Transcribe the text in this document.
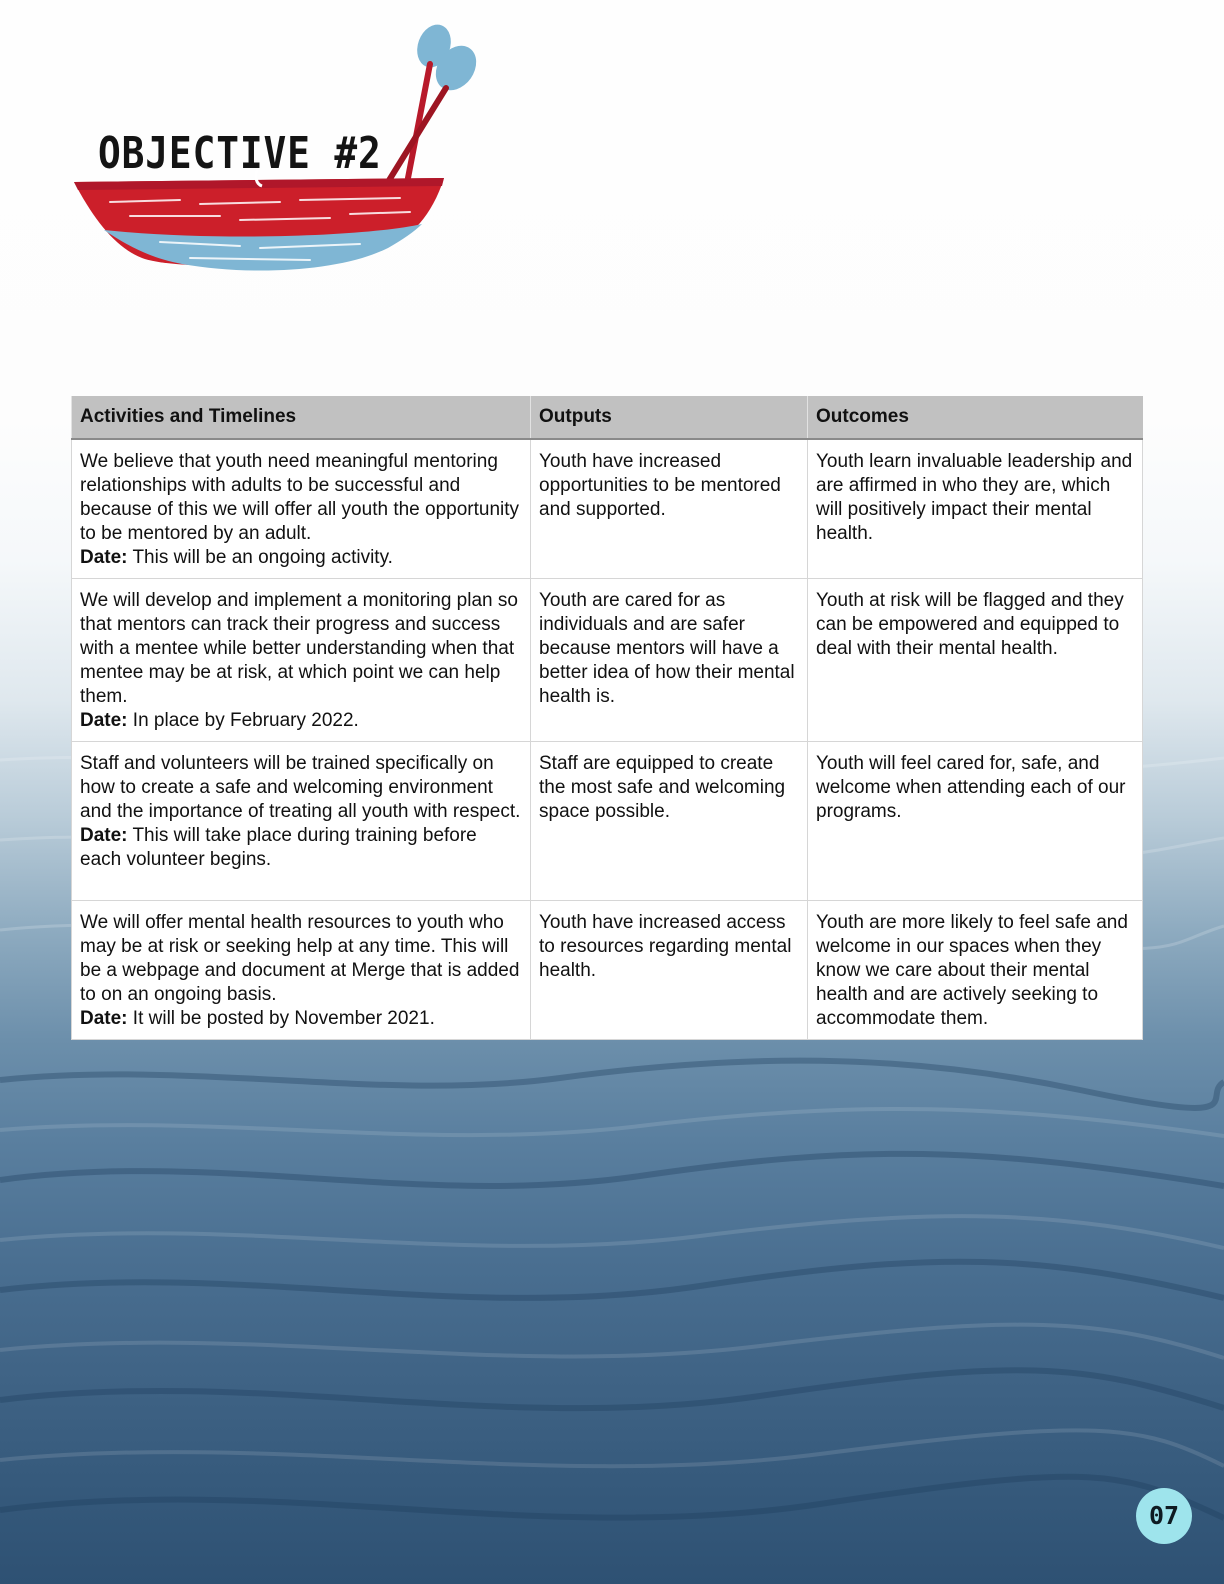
OBJECTIVE #2
Activities and Timelines	Outputs	Outcomes
We believe that youth need meaningful mentoring relationships with adults to be successful and because of this we will offer all youth the opportunity to be mentored by an adult.
Date: This will be an ongoing activity.	Youth have increased opportunities to be mentored and supported.	Youth learn invaluable leadership and are affirmed in who they are, which will positively impact their mental health.
We will develop and implement a monitoring plan so that mentors can track their progress and success with a mentee while better understanding when that mentee may be at risk, at which point we can help them.
Date: In place by February 2022.	Youth are cared for as individuals and are safer because mentors will have a better idea of how their mental health is.	Youth at risk will be flagged and they can be empowered and equipped to deal with their mental health.
Staff and volunteers will be trained specifically on how to create a safe and welcoming environment and the importance of treating all youth with respect.
Date: This will take place during training before each volunteer begins.	Staff are equipped to create the most safe and welcoming space possible.	Youth will feel cared for, safe, and welcome when attending each of our programs.
We will offer mental health resources to youth who may be at risk or seeking help at any time. This will be a webpage and document at Merge that is added to on an ongoing basis.
Date: It will be posted by November 2021.	Youth have increased access to resources regarding mental health.	Youth are more likely to feel safe and welcome in our spaces when they know we care about their mental health and are actively seeking to accommodate them.
07
